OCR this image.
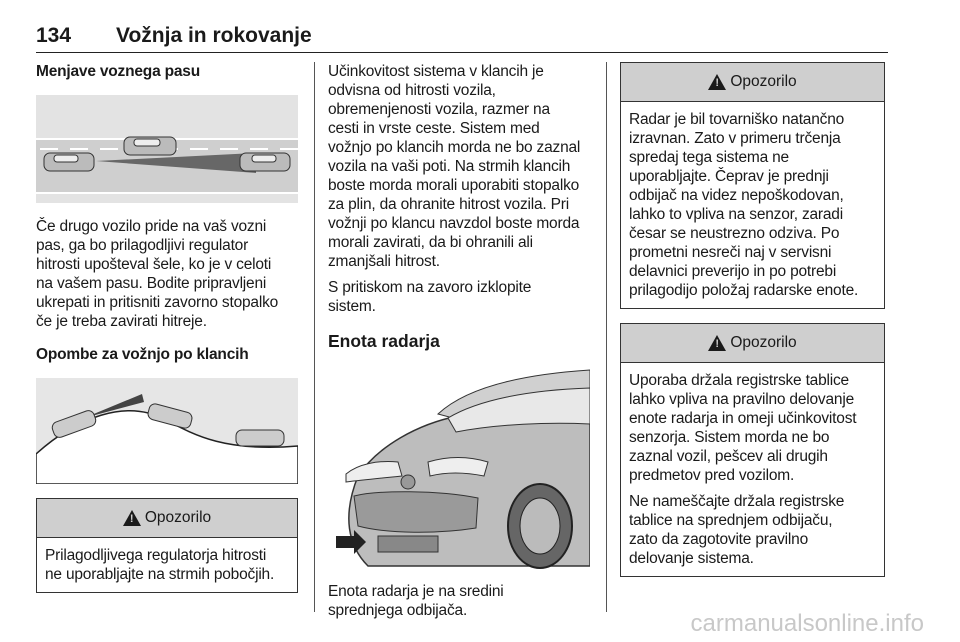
134 Vožnja in rokovanje
Menjave voznega pasu

Če drugo vozilo pride na vaš vozni

pas, ga bo prilagodljivi regulator

hitrosti upošteval šele, ko je v celoti

na vašem pasu. Bodite pripravljeni

ukrepati in pritisniti zavorno stopalko

če je treba zavirati hitreje.

Opombe za vožnjo po klancih
! Opozorilo

Prilagodljivega regulatorja hitrosti

ne uporabljajte na strmih pobočjih.

Učinkovitost sistema v klancih je

odvisna od hitrosti vozila,

obremenjenosti vozila, razmer na

cesti in vrste ceste. Sistem med

vožnjo po klancih morda ne bo zaznal

vozila na vaši poti. Na strmih klancih

boste morda morali uporabiti stopalko

za plin, da ohranite hitrost vozila. Pri

vožnji po klancu navzdol boste morda

morali zavirati, da bi ohranili ali

zmanjšali hitrost.

S pritiskom na zavoro izklopite

sistem.

Enota radarja

Enota radarja je na sredini

sprednjega odbijača.

! Opozorilo

Radar je bil tovarniško natančno

izravnan. Zato v primeru trčenja

spredaj tega sistema ne

uporabljajte. Čeprav je prednji

odbijač na videz nepoškodovan,

lahko to vpliva na senzor, zaradi

česar se neustrezno odziva. Po

prometni nesreči naj v servisni

delavnici preverijo in po potrebi

prilagodijo položaj radarske enote.

! Opozorilo

Uporaba držala registrske tablice

lahko vpliva na pravilno delovanje

enote radarja in omeji učinkovitost

senzorja. Sistem morda ne bo

zaznal vozil, pešcev ali drugih

predmetov pred vozilom.

Ne nameščajte držala registrske

tablice na sprednjem odbijaču,

zato da zagotovite pravilno

delovanje sistema.

carmanualsonline.info
